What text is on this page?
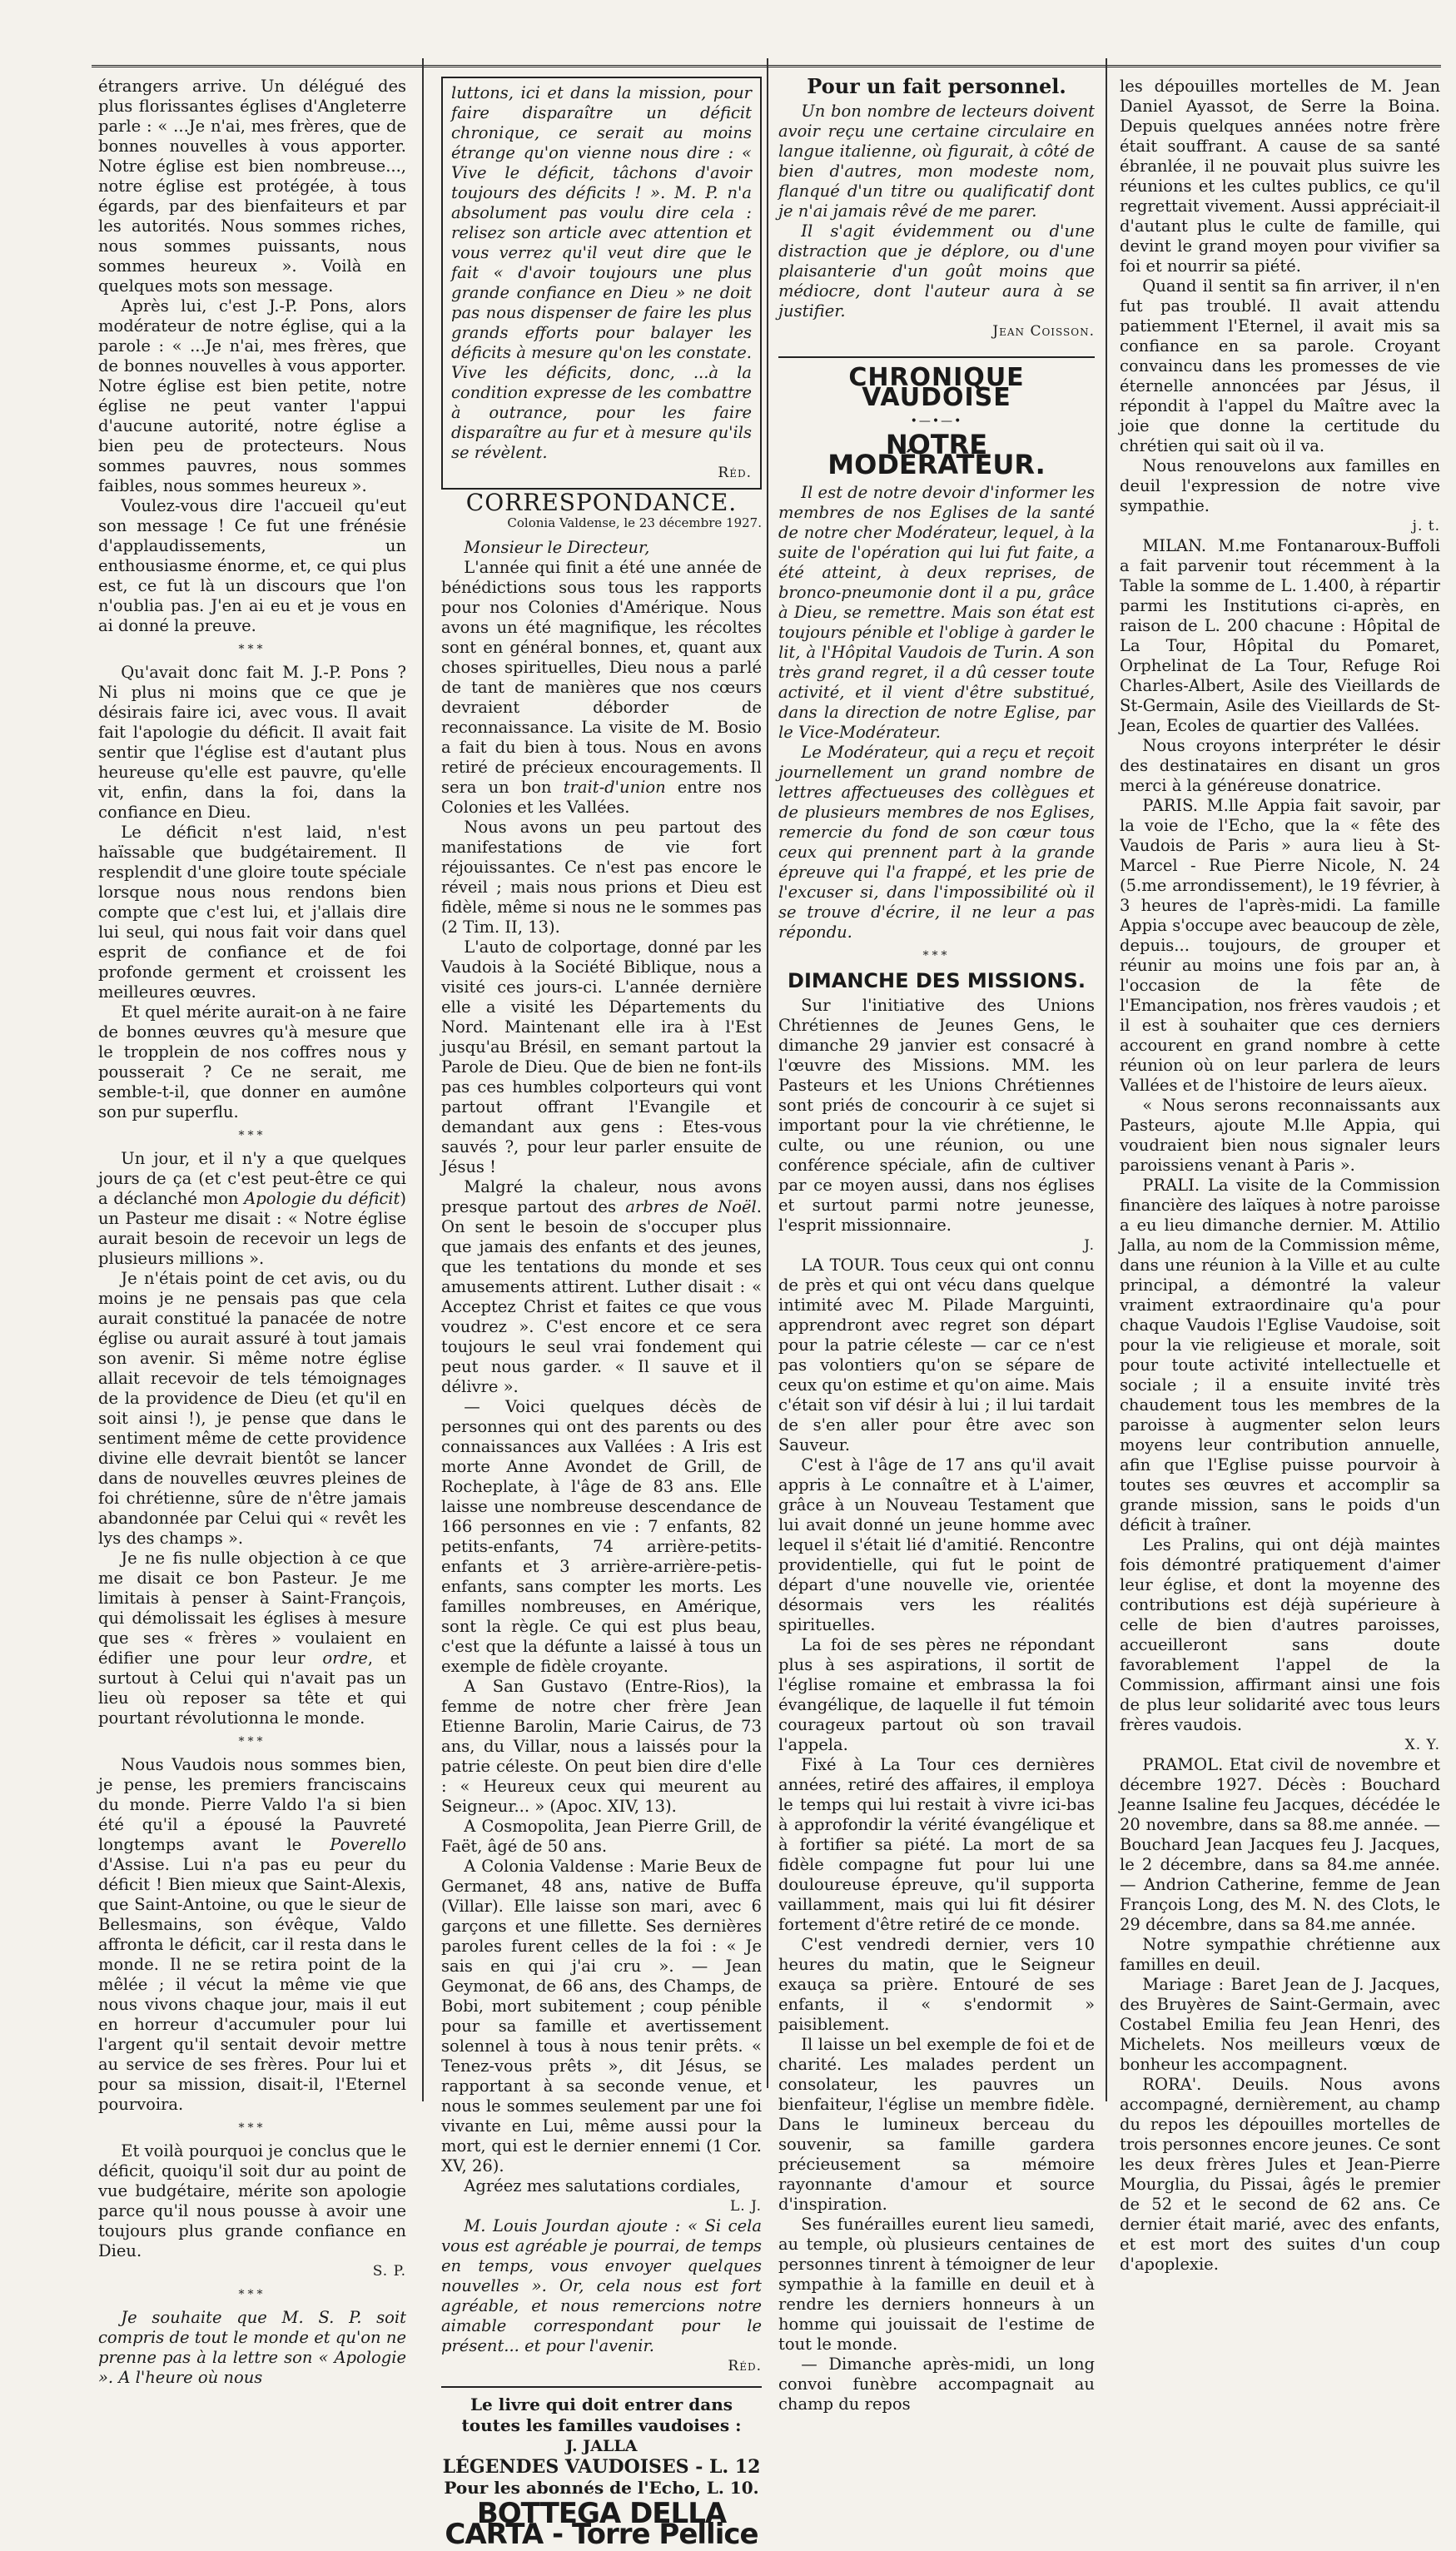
étrangers arrive. Un délégué des plus florissantes églises d'Angleterre parle : « ...Je n'ai, mes frères, que de bonnes nouvelles à vous apporter. Notre église est bien nombreuse..., notre église est protégée, à tous égards, par des bienfaiteurs et par les autorités. Nous sommes riches, nous sommes puissants, nous sommes heureux ». Voilà en quelques mots son message.

Après lui, c'est J.-P. Pons, alors modérateur de notre église, qui a la parole : « ...Je n'ai, mes frères, que de bonnes nouvelles à vous apporter. Notre église est bien petite, notre église ne peut vanter l'appui d'aucune autorité, notre église a bien peu de protecteurs. Nous sommes pauvres, nous sommes faibles, nous sommes heureux ».

Voulez-vous dire l'accueil qu'eut son message ! Ce fut une frénésie d'applaudissements, un enthousiasme énorme, et, ce qui plus est, ce fut là un discours que l'on n'oublia pas. J'en ai eu et je vous en ai donné la preuve.

***

Qu'avait donc fait M. J.-P. Pons ? Ni plus ni moins que ce que je désirais faire ici, avec vous. Il avait fait l'apologie du déficit. Il avait fait sentir que l'église est d'autant plus heureuse qu'elle est pauvre, qu'elle vit, enfin, dans la foi, dans la confiance en Dieu.

Le déficit n'est laid, n'est haïssable que budgétairement. Il resplendit d'une gloire toute spéciale lorsque nous nous rendons bien compte que c'est lui, et j'allais dire lui seul, qui nous fait voir dans quel esprit de confiance et de foi profonde germent et croissent les meilleures œuvres.

Et quel mérite aurait-on à ne faire de bonnes œuvres qu'à mesure que le tropplein de nos coffres nous y pousserait ? Ce ne serait, me semble-t-il, que donner en aumône son pur superflu.

***

Un jour, et il n'y a que quelques jours de ça (et c'est peut-être ce qui a déclanché mon Apologie du déficit) un Pasteur me disait : « Notre église aurait besoin de recevoir un legs de plusieurs millions ».

Je n'étais point de cet avis, ou du moins je ne pensais pas que cela aurait constitué la panacée de notre église ou aurait assuré à tout jamais son avenir. Si même notre église allait recevoir de tels témoignages de la providence de Dieu (et qu'il en soit ainsi !), je pense que dans le sentiment même de cette providence divine elle devrait bientôt se lancer dans de nouvelles œuvres pleines de foi chrétienne, sûre de n'être jamais abandonnée par Celui qui « revêt les lys des champs ».

Je ne fis nulle objection à ce que me disait ce bon Pasteur. Je me limitais à penser à Saint-François, qui démolissait les églises à mesure que ses « frères » voulaient en édifier une pour leur ordre, et surtout à Celui qui n'avait pas un lieu où reposer sa tête et qui pourtant révolutionna le monde.

***

Nous Vaudois nous sommes bien, je pense, les premiers franciscains du monde. Pierre Valdo l'a si bien été qu'il a épousé la Pauvreté longtemps avant le Poverello d'Assise. Lui n'a pas eu peur du déficit ! Bien mieux que Saint-Alexis, que Saint-Antoine, ou que le sieur de Bellesmains, son évêque, Valdo affronta le déficit, car il resta dans le monde. Il ne se retira point de la mêlée ; il vécut la même vie que nous vivons chaque jour, mais il eut en horreur d'accumuler pour lui l'argent qu'il sentait devoir mettre au service de ses frères. Pour lui et pour sa mission, disait-il, l'Eternel pourvoira.

***

Et voilà pourquoi je conclus que le déficit, quoiqu'il soit dur au point de vue budgétaire, mérite son apologie parce qu'il nous pousse à avoir une toujours plus grande confiance en Dieu.

S. P.
***

Je souhaite que M. S. P. soit compris de tout le monde et qu'on ne prenne pas à la lettre son « Apologie ». A l'heure où nous

luttons, ici et dans la mission, pour faire disparaître un déficit chronique, ce serait au moins étrange qu'on vienne nous dire : « Vive le déficit, tâchons d'avoir toujours des déficits ! ». M. P. n'a absolument pas voulu dire cela : relisez son article avec attention et vous verrez qu'il veut dire que le fait « d'avoir toujours une plus grande confiance en Dieu » ne doit pas nous dispenser de faire les plus grands efforts pour balayer les déficits à mesure qu'on les constate. Vive les déficits, donc, ...à la condition expresse de les combattre à outrance, pour les faire disparaître au fur et à mesure qu'ils se révèlent.

Réd.
CORRESPONDANCE.
Colonia Valdense, le 23 décembre 1927.

Monsieur le Directeur,

L'année qui finit a été une année de bénédictions sous tous les rapports pour nos Colonies d'Amérique. Nous avons un été magnifique, les récoltes sont en général bonnes, et, quant aux choses spirituelles, Dieu nous a parlé de tant de manières que nos cœurs devraient déborder de reconnaissance. La visite de M. Bosio a fait du bien à tous. Nous en avons retiré de précieux encouragements. Il sera un bon trait-d'union entre nos Colonies et les Vallées.

Nous avons un peu partout des manifestations de vie fort réjouissantes. Ce n'est pas encore le réveil ; mais nous prions et Dieu est fidèle, même si nous ne le sommes pas (2 Tim. II, 13).

L'auto de colportage, donné par les Vaudois à la Société Biblique, nous a visité ces jours-ci. L'année dernière elle a visité les Départements du Nord. Maintenant elle ira à l'Est jusqu'au Brésil, en semant partout la Parole de Dieu. Que de bien ne font-ils pas ces humbles colporteurs qui vont partout offrant l'Evangile et demandant aux gens : Etes-vous sauvés ?, pour leur parler ensuite de Jésus !

Malgré la chaleur, nous avons presque partout des arbres de Noël. On sent le besoin de s'occuper plus que jamais des enfants et des jeunes, que les tentations du monde et ses amusements attirent. Luther disait : « Acceptez Christ et faites ce que vous voudrez ». C'est encore et ce sera toujours le seul vrai fondement qui peut nous garder. « Il sauve et il délivre ».

— Voici quelques décès de personnes qui ont des parents ou des connaissances aux Vallées : A Iris est morte Anne Avondet de Grill, de Rocheplate, à l'âge de 83 ans. Elle laisse une nombreuse descendance de 166 personnes en vie : 7 enfants, 82 petits-enfants, 74 arrière-petits-enfants et 3 arrière-arrière-petis-enfants, sans compter les morts. Les familles nombreuses, en Amérique, sont la règle. Ce qui est plus beau, c'est que la défunte a laissé à tous un exemple de fidèle croyante.

A San Gustavo (Entre-Rios), la femme de notre cher frère Jean Etienne Barolin, Marie Cairus, de 73 ans, du Villar, nous a laissés pour la patrie céleste. On peut bien dire d'elle : « Heureux ceux qui meurent au Seigneur... » (Apoc. XIV, 13).

A Cosmopolita, Jean Pierre Grill, de Faët, âgé de 50 ans.

A Colonia Valdense : Marie Beux de Germanet, 48 ans, native de Buffa (Villar). Elle laisse son mari, avec 6 garçons et une fillette. Ses dernières paroles furent celles de la foi : « Je sais en qui j'ai cru ». — Jean Geymonat, de 66 ans, des Champs, de Bobi, mort subitement ; coup pénible pour sa famille et avertissement solennel à tous à nous tenir prêts. « Tenez-vous prêts », dit Jésus, se rapportant à sa seconde venue, et nous le sommes seulement par une foi vivante en Lui, même aussi pour la mort, qui est le dernier ennemi (1 Cor. XV, 26).

Agréez mes salutations cordiales,

L. J.

M. Louis Jourdan ajoute : « Si cela vous est agréable je pourrai, de temps en temps, vous envoyer quelques nouvelles ». Or, cela nous est fort agréable, et nous remercions notre aimable correspondant pour le présent... et pour l'avenir.

Réd.
Le livre qui doit entrer dans toutes les familles vaudoises :
J. JALLA
LÉGENDES VAUDOISES - L. 12
Pour les abonnés de l'Echo, L. 10.
BOTTEGA DELLA CARTA - Torre Pellice
Pour un fait personnel.

Un bon nombre de lecteurs doivent avoir reçu une certaine circulaire en langue italienne, où figurait, à côté de bien d'autres, mon modeste nom, flanqué d'un titre ou qualificatif dont je n'ai jamais rêvé de me parer.

Il s'agit évidemment ou d'une distraction que je déplore, ou d'une plaisanterie d'un goût moins que médiocre, dont l'auteur aura à se justifier.

Jean Coisson.
CHRONIQUE VAUDOISE
•—•—•
NOTRE MODÉRATEUR.

Il est de notre devoir d'informer les membres de nos Eglises de la santé de notre cher Modérateur, lequel, à la suite de l'opération qui lui fut faite, a été atteint, à deux reprises, de bronco-pneumonie dont il a pu, grâce à Dieu, se remettre. Mais son état est toujours pénible et l'oblige à garder le lit, à l'Hôpital Vaudois de Turin. A son très grand regret, il a dû cesser toute activité, et il vient d'être substitué, dans la direction de notre Eglise, par le Vice-Modérateur.

Le Modérateur, qui a reçu et reçoit journellement un grand nombre de lettres affectueuses des collègues et de plusieurs membres de nos Eglises, remercie du fond de son cœur tous ceux qui prennent part à la grande épreuve qui l'a frappé, et les prie de l'excuser si, dans l'impossibilité où il se trouve d'écrire, il ne leur a pas répondu.

***
DIMANCHE DES MISSIONS.

Sur l'initiative des Unions Chrétiennes de Jeunes Gens, le dimanche 29 janvier est consacré à l'œuvre des Missions. MM. les Pasteurs et les Unions Chrétiennes sont priés de concourir à ce sujet si important pour la vie chrétienne, le culte, ou une réunion, ou une conférence spéciale, afin de cultiver par ce moyen aussi, dans nos églises et surtout parmi notre jeunesse, l'esprit missionnaire.

J.

LA TOUR. Tous ceux qui ont connu de près et qui ont vécu dans quelque intimité avec M. Pilade Marguinti, apprendront avec regret son départ pour la patrie céleste — car ce n'est pas volontiers qu'on se sépare de ceux qu'on estime et qu'on aime. Mais c'était son vif désir à lui ; il lui tardait de s'en aller pour être avec son Sauveur.

C'est à l'âge de 17 ans qu'il avait appris à Le connaître et à L'aimer, grâce à un Nouveau Testament que lui avait donné un jeune homme avec lequel il s'était lié d'amitié. Rencontre providentielle, qui fut le point de départ d'une nouvelle vie, orientée désormais vers les réalités spirituelles.

La foi de ses pères ne répondant plus à ses aspirations, il sortit de l'église romaine et embrassa la foi évangélique, de laquelle il fut témoin courageux partout où son travail l'appela.

Fixé à La Tour ces dernières années, retiré des affaires, il employa le temps qui lui restait à vivre ici-bas à approfondir la vérité évangélique et à fortifier sa piété. La mort de sa fidèle compagne fut pour lui une douloureuse épreuve, qu'il supporta vaillamment, mais qui lui fit désirer fortement d'être retiré de ce monde.

C'est vendredi dernier, vers 10 heures du matin, que le Seigneur exauça sa prière. Entouré de ses enfants, il « s'endormit » paisiblement.

Il laisse un bel exemple de foi et de charité. Les malades perdent un consolateur, les pauvres un bienfaiteur, l'église un membre fidèle. Dans le lumineux berceau du souvenir, sa famille gardera précieusement sa mémoire rayonnante d'amour et source d'inspiration.

Ses funérailles eurent lieu samedi, au temple, où plusieurs centaines de personnes tinrent à témoigner de leur sympathie à la famille en deuil et à rendre les derniers honneurs à un homme qui jouissait de l'estime de tout le monde.

— Dimanche après-midi, un long convoi funèbre accompagnait au champ du repos

les dépouilles mortelles de M. Jean Daniel Ayassot, de Serre la Boina. Depuis quelques années notre frère était souffrant. A cause de sa santé ébranlée, il ne pouvait plus suivre les réunions et les cultes publics, ce qu'il regrettait vivement. Aussi appréciait-il d'autant plus le culte de famille, qui devint le grand moyen pour vivifier sa foi et nourrir sa piété.

Quand il sentit sa fin arriver, il n'en fut pas troublé. Il avait attendu patiemment l'Eternel, il avait mis sa confiance en sa parole. Croyant convaincu dans les promesses de vie éternelle annoncées par Jésus, il répondit à l'appel du Maître avec la joie que donne la certitude du chrétien qui sait où il va.

Nous renouvelons aux familles en deuil l'expression de notre vive sympathie.

j. t.

MILAN. M.me Fontanaroux-Buffoli a fait parvenir tout récemment à la Table la somme de L. 1.400, à répartir parmi les Institutions ci-après, en raison de L. 200 chacune : Hôpital de La Tour, Hôpital du Pomaret, Orphelinat de La Tour, Refuge Roi Charles-Albert, Asile des Vieillards de St-Germain, Asile des Vieillards de St-Jean, Ecoles de quartier des Vallées.

Nous croyons interpréter le désir des destinataires en disant un gros merci à la généreuse donatrice.

PARIS. M.lle Appia fait savoir, par la voie de l'Echo, que la « fête des Vaudois de Paris » aura lieu à St-Marcel - Rue Pierre Nicole, N. 24 (5.me arrondissement), le 19 février, à 3 heures de l'après-midi. La famille Appia s'occupe avec beaucoup de zèle, depuis... toujours, de grouper et réunir au moins une fois par an, à l'occasion de la fête de l'Emancipation, nos frères vaudois ; et il est à souhaiter que ces derniers accourent en grand nombre à cette réunion où on leur parlera de leurs Vallées et de l'histoire de leurs aïeux.

« Nous serons reconnaissants aux Pasteurs, ajoute M.lle Appia, qui voudraient bien nous signaler leurs paroissiens venant à Paris ».

PRALI. La visite de la Commission financière des laïques à notre paroisse a eu lieu dimanche dernier. M. Attilio Jalla, au nom de la Commission même, dans une réunion à la Ville et au culte principal, a démontré la valeur vraiment extraordinaire qu'a pour chaque Vaudois l'Eglise Vaudoise, soit pour la vie religieuse et morale, soit pour toute activité intellectuelle et sociale ; il a ensuite invité très chaudement tous les membres de la paroisse à augmenter selon leurs moyens leur contribution annuelle, afin que l'Eglise puisse pourvoir à toutes ses œuvres et accomplir sa grande mission, sans le poids d'un déficit à traîner.

Les Pralins, qui ont déjà maintes fois démontré pratiquement d'aimer leur église, et dont la moyenne des contributions est déjà supérieure à celle de bien d'autres paroisses, accueilleront sans doute favorablement l'appel de la Commission, affirmant ainsi une fois de plus leur solidarité avec tous leurs frères vaudois.

X. Y.

PRAMOL. Etat civil de novembre et décembre 1927. Décès : Bouchard Jeanne Isaline feu Jacques, décédée le 20 novembre, dans sa 88.me année. — Bouchard Jean Jacques feu J. Jacques, le 2 décembre, dans sa 84.me année. — Andrion Catherine, femme de Jean François Long, des M. N. des Clots, le 29 décembre, dans sa 84.me année.

Notre sympathie chrétienne aux familles en deuil.

Mariage : Baret Jean de J. Jacques, des Bruyères de Saint-Germain, avec Costabel Emilia feu Jean Henri, des Michelets. Nos meilleurs vœux de bonheur les accompagnent.

RORA'. Deuils. Nous avons accompagné, dernièrement, au champ du repos les dépouilles mortelles de trois personnes encore jeunes. Ce sont les deux frères Jules et Jean-Pierre Mourglia, du Pissai, âgés le premier de 52 et le second de 62 ans. Ce dernier était marié, avec des enfants, et est mort des suites d'un coup d'apoplexie.
